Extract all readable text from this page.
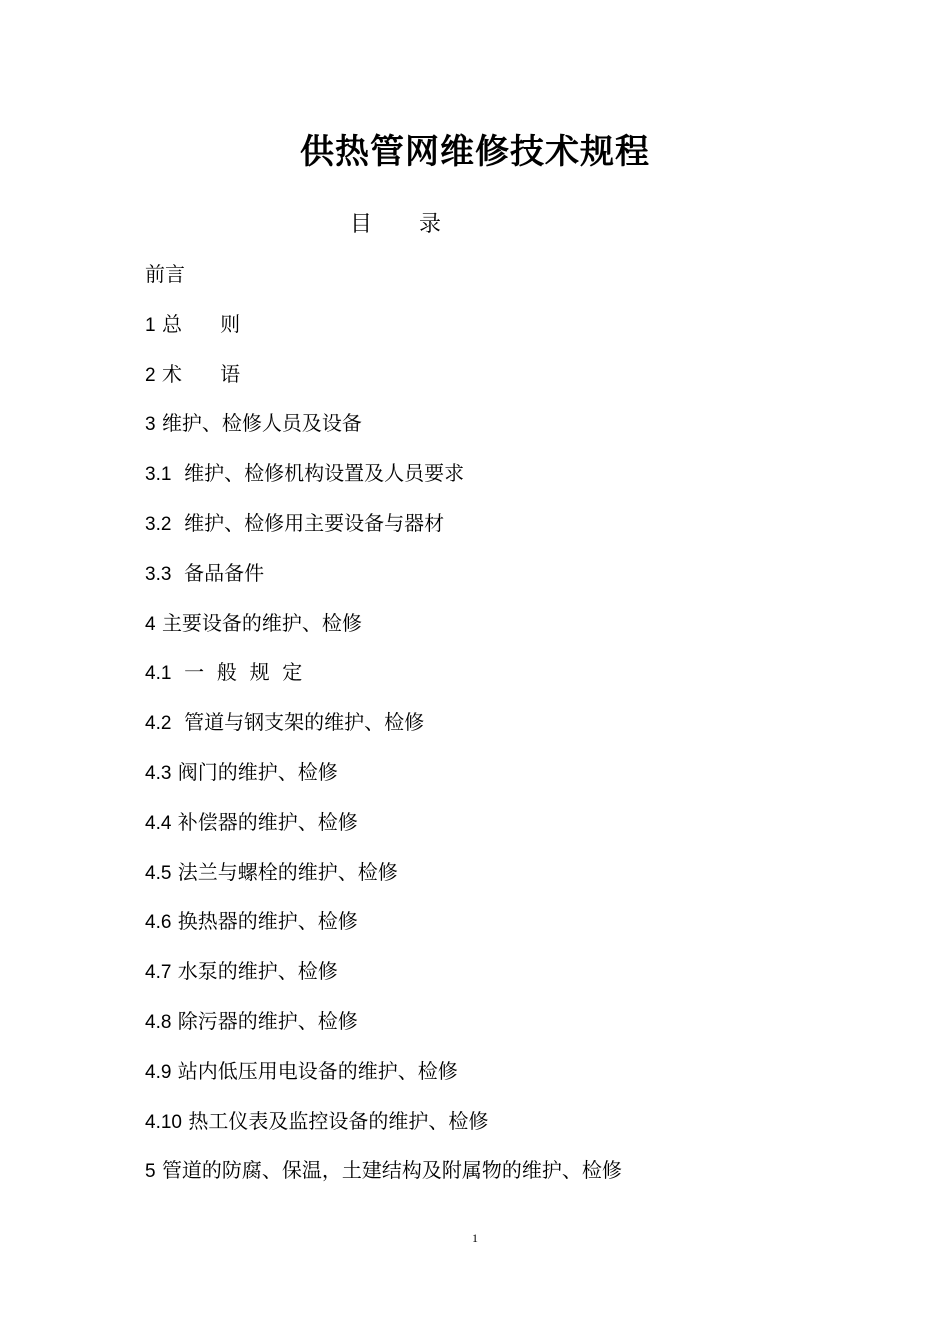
供热管网维修技术规程
目 录
前言
1 总      则
2 术      语
3 维护、检修人员及设备
3.1 维护、检修机构设置及人员要求
3.2 维护、检修用主要设备与器材
3.3 备品备件
4 主要设备的维护、检修
4.1 一  般  规  定
4.2 管道与钢支架的维护、检修
4.3 阀门的维护、检修
4.4 补偿器的维护、检修
4.5 法兰与螺栓的维护、检修
4.6 换热器的维护、检修
4.7 水泵的维护、检修
4.8 除污器的维护、检修
4.9 站内低压用电设备的维护、检修
4.10 热工仪表及监控设备的维护、检修
5 管道的防腐、保温，土建结构及附属物的维护、检修
1
